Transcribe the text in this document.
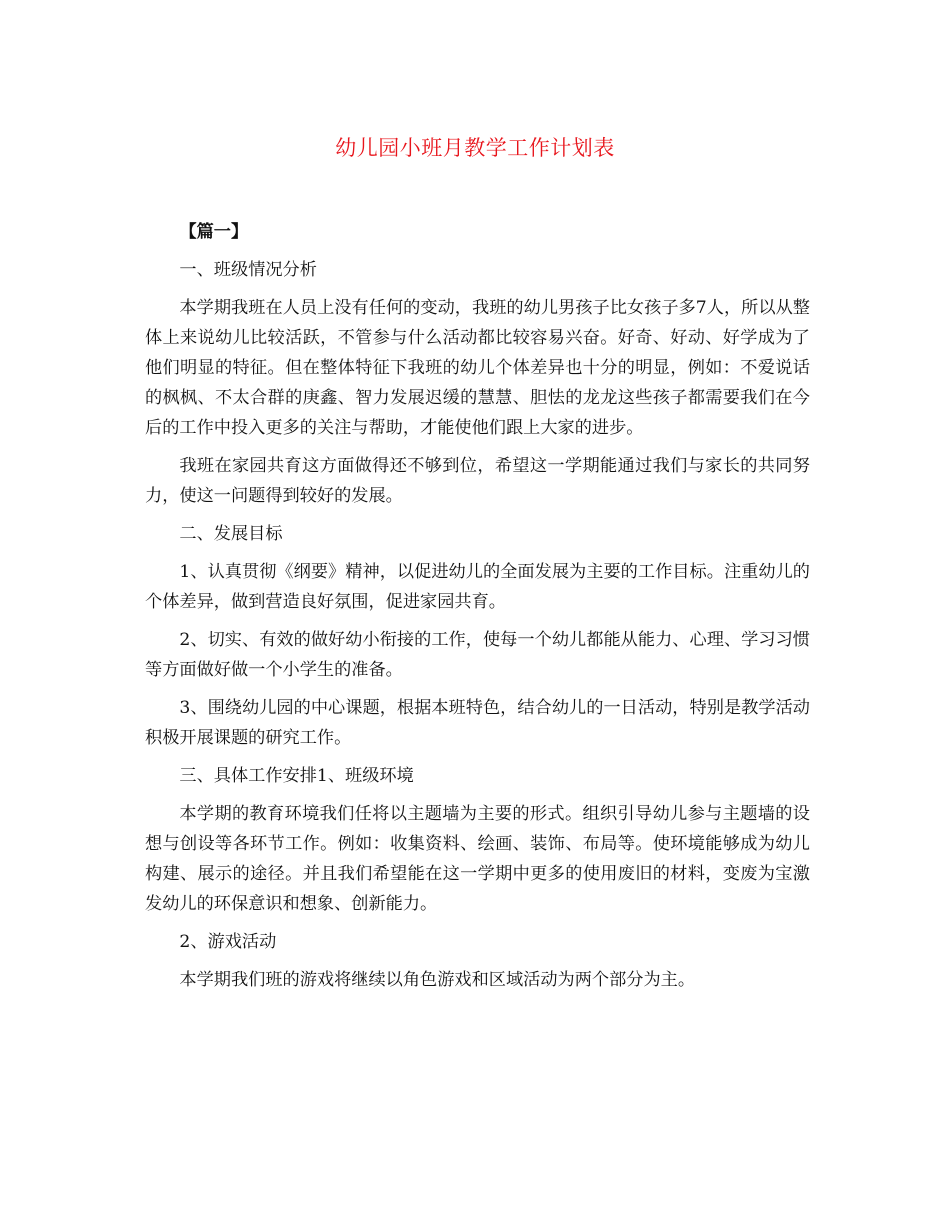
幼儿园小班月教学工作计划表
【篇一】
一、班级情况分析
本学期我班在人员上没有任何的变动，我班的幼儿男孩子比女孩子多7人，所以从整体上来说幼儿比较活跃，不管参与什么活动都比较容易兴奋。好奇、好动、好学成为了他们明显的特征。但在整体特征下我班的幼儿个体差异也十分的明显，例如：不爱说话的枫枫、不太合群的庚鑫、智力发展迟缓的慧慧、胆怯的龙龙这些孩子都需要我们在今后的工作中投入更多的关注与帮助，才能使他们跟上大家的进步。
我班在家园共育这方面做得还不够到位，希望这一学期能通过我们与家长的共同努力，使这一问题得到较好的发展。
二、发展目标
1、认真贯彻《纲要》精神，以促进幼儿的全面发展为主要的工作目标。注重幼儿的个体差异，做到营造良好氛围，促进家园共育。
2、切实、有效的做好幼小衔接的工作，使每一个幼儿都能从能力、心理、学习习惯等方面做好做一个小学生的准备。
3、围绕幼儿园的中心课题，根据本班特色，结合幼儿的一日活动，特别是教学活动积极开展课题的研究工作。
三、具体工作安排1、班级环境
本学期的教育环境我们任将以主题墙为主要的形式。组织引导幼儿参与主题墙的设想与创设等各环节工作。例如：收集资料、绘画、装饰、布局等。使环境能够成为幼儿构建、展示的途径。并且我们希望能在这一学期中更多的使用废旧的材料，变废为宝激发幼儿的环保意识和想象、创新能力。
2、游戏活动
本学期我们班的游戏将继续以角色游戏和区域活动为两个部分为主。
